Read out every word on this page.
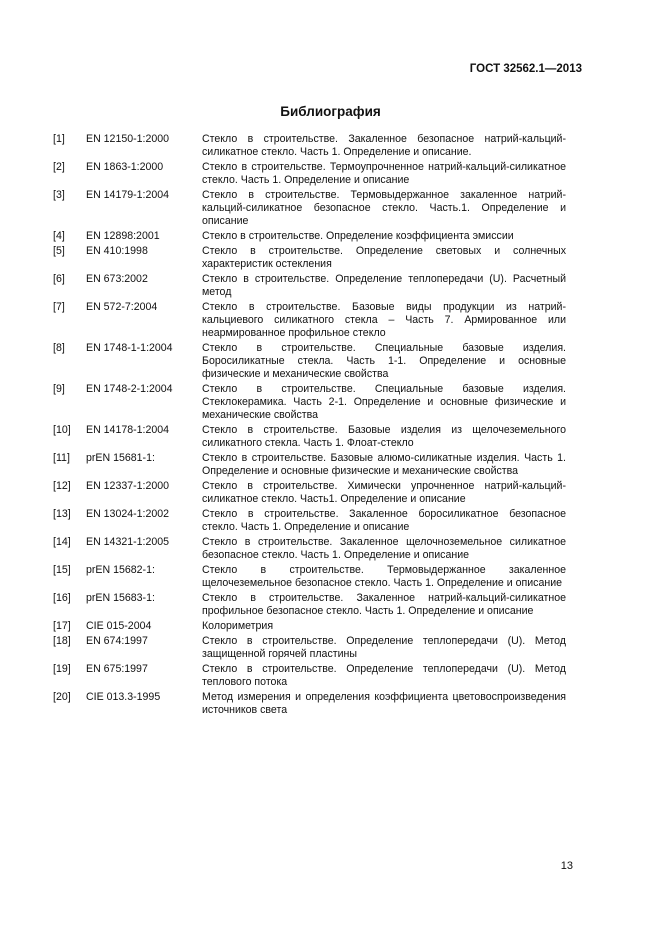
ГОСТ 32562.1—2013
Библиография
[1] EN 12150-1:2000	Стекло в строительстве. Закаленное безопасное натрий-кальций-силикатное стекло. Часть 1. Определение и описание.
[2] EN 1863-1:2000	Стекло в строительстве. Термоупрочненное натрий-кальций-силикатное стекло. Часть 1. Определение и описание
[3] EN 14179-1:2004	Стекло в строительстве. Термовыдержанное закаленное натрий-кальций-силикатное безопасное стекло. Часть.1. Определение и описание
[4] EN 12898:2001	Стекло в строительстве. Определение коэффициента эмиссии
[5] EN 410:1998	Стекло в строительстве. Определение световых и солнечных характеристик остекления
[6] EN 673:2002	Стекло в строительстве. Определение теплопередачи (U). Расчетный метод
[7] EN 572-7:2004	Стекло в строительстве. Базовые виды продукции из натрий-кальциевого силикатного стекла – Часть 7. Армированное или неармированное профильное стекло
[8] EN 1748-1-1:2004	Стекло в строительстве. Специальные базовые изделия. Боросиликатные стекла. Часть 1-1. Определение и основные физические и механические свойства
[9] EN 1748-2-1:2004	Стекло в строительстве. Специальные базовые изделия. Стеклокерамика. Часть 2-1. Определение и основные физические и механические свойства
[10] EN 14178-1:2004	Стекло в строительстве. Базовые изделия из щелочеземельного силикатного стекла. Часть 1. Флоат-стекло
[11] prEN 15681-1:	Стекло в строительстве. Базовые алюмо-силикатные изделия. Часть 1. Определение и основные физические и механические свойства
[12] EN 12337-1:2000	Стекло в строительстве. Химически упрочненное натрий-кальций-силикатное стекло. Часть1. Определение и описание
[13] EN 13024-1:2002	Стекло в строительстве. Закаленное боросиликатное безопасное стекло. Часть 1. Определение и описание
[14] EN 14321-1:2005	Стекло в строительстве. Закаленное щелочноземельное силикатное безопасное стекло. Часть 1. Определение и описание
[15] prEN 15682-1:	Стекло в строительстве. Термовыдержанное закаленное щелочеземельное безопасное стекло. Часть 1. Определение и описание
[16] prEN 15683-1:	Стекло в строительстве. Закаленное натрий-кальций-силикатное профильное безопасное стекло. Часть 1. Определение и описание
[17] CIE 015-2004	Колориметрия
[18] EN 674:1997	Стекло в строительстве. Определение теплопередачи (U). Метод защищенной горячей пластины
[19] EN 675:1997	Стекло в строительстве. Определение теплопередачи (U). Метод теплового потока
[20] CIE 013.3-1995	Метод измерения и определения коэффициента цветовоспроизведения источников света
13
